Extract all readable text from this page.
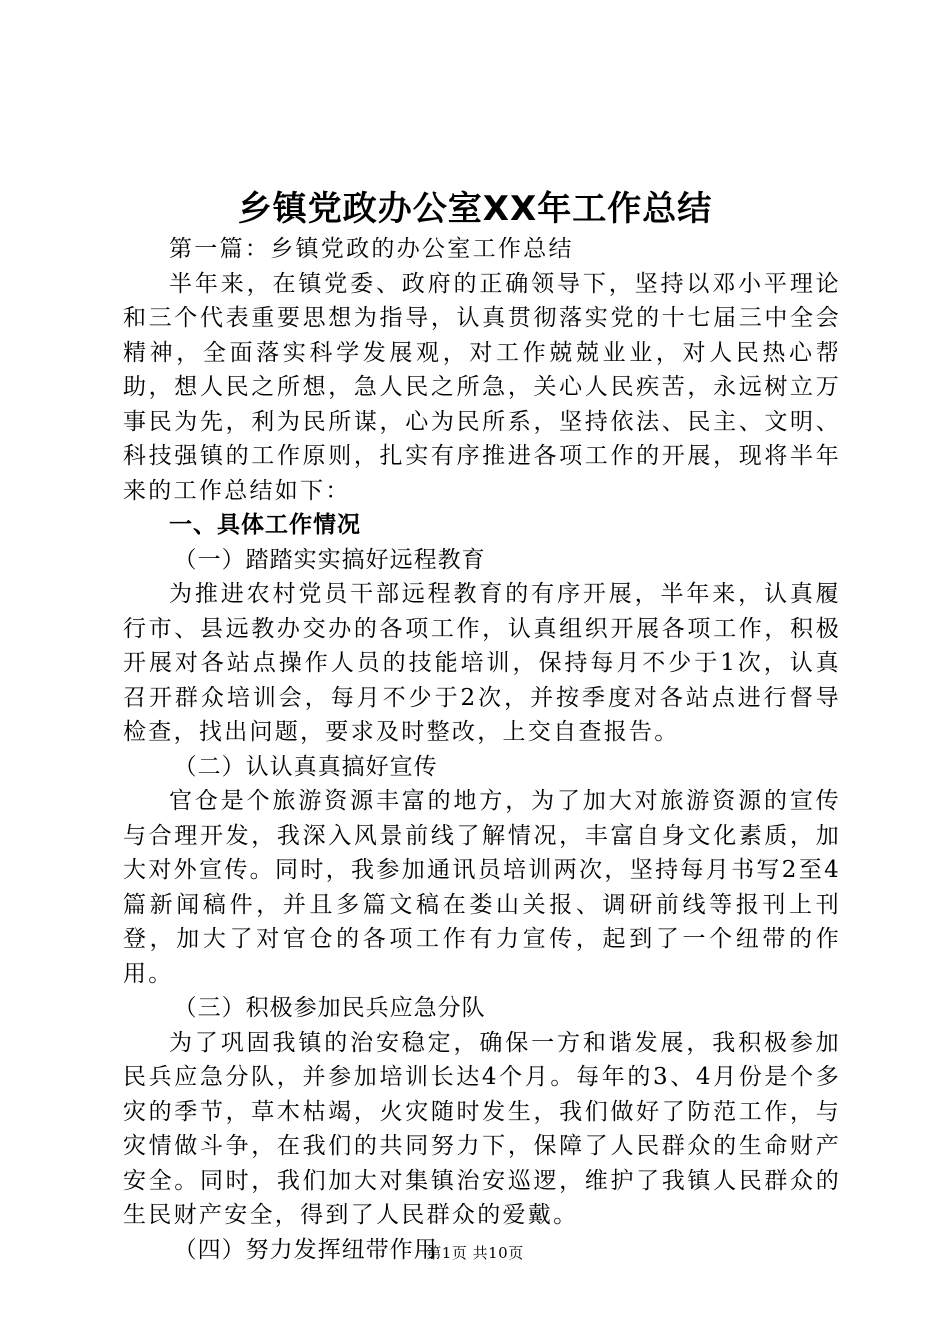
乡镇党政办公室XX年工作总结

第一篇：乡镇党政的办公室工作总结

半年来，在镇党委、政府的正确领导下，坚持以邓小平理论和三个代表重要思想为指导，认真贯彻落实党的十七届三中全会精神，全面落实科学发展观，对工作兢兢业业，对人民热心帮助，想人民之所想，急人民之所急，关心人民疾苦，永远树立万事民为先，利为民所谋，心为民所系，坚持依法、民主、文明、科技强镇的工作原则，扎实有序推进各项工作的开展，现将半年来的工作总结如下：

一、具体工作情况

（一）踏踏实实搞好远程教育

为推进农村党员干部远程教育的有序开展，半年来，认真履行市、县远教办交办的各项工作，认真组织开展各项工作，积极开展对各站点操作人员的技能培训，保持每月不少于1次，认真召开群众培训会，每月不少于2次，并按季度对各站点进行督导检查，找出问题，要求及时整改，上交自查报告。

（二）认认真真搞好宣传

官仓是个旅游资源丰富的地方，为了加大对旅游资源的宣传与合理开发，我深入风景前线了解情况，丰富自身文化素质，加大对外宣传。同时，我参加通讯员培训两次，坚持每月书写2至4篇新闻稿件，并且多篇文稿在娄山关报、调研前线等报刊上刊登，加大了对官仓的各项工作有力宣传，起到了一个纽带的作用。

（三）积极参加民兵应急分队

为了巩固我镇的治安稳定，确保一方和谐发展，我积极参加民兵应急分队，并参加培训长达4个月。每年的3、4月份是个多灾的季节，草木枯竭，火灾随时发生，我们做好了防范工作，与灾情做斗争，在我们的共同努力下，保障了人民群众的生命财产安全。同时，我们加大对集镇治安巡逻，维护了我镇人民群众的生民财产安全，得到了人民群众的爱戴。

（四）努力发挥纽带作用

第1页 共10页
